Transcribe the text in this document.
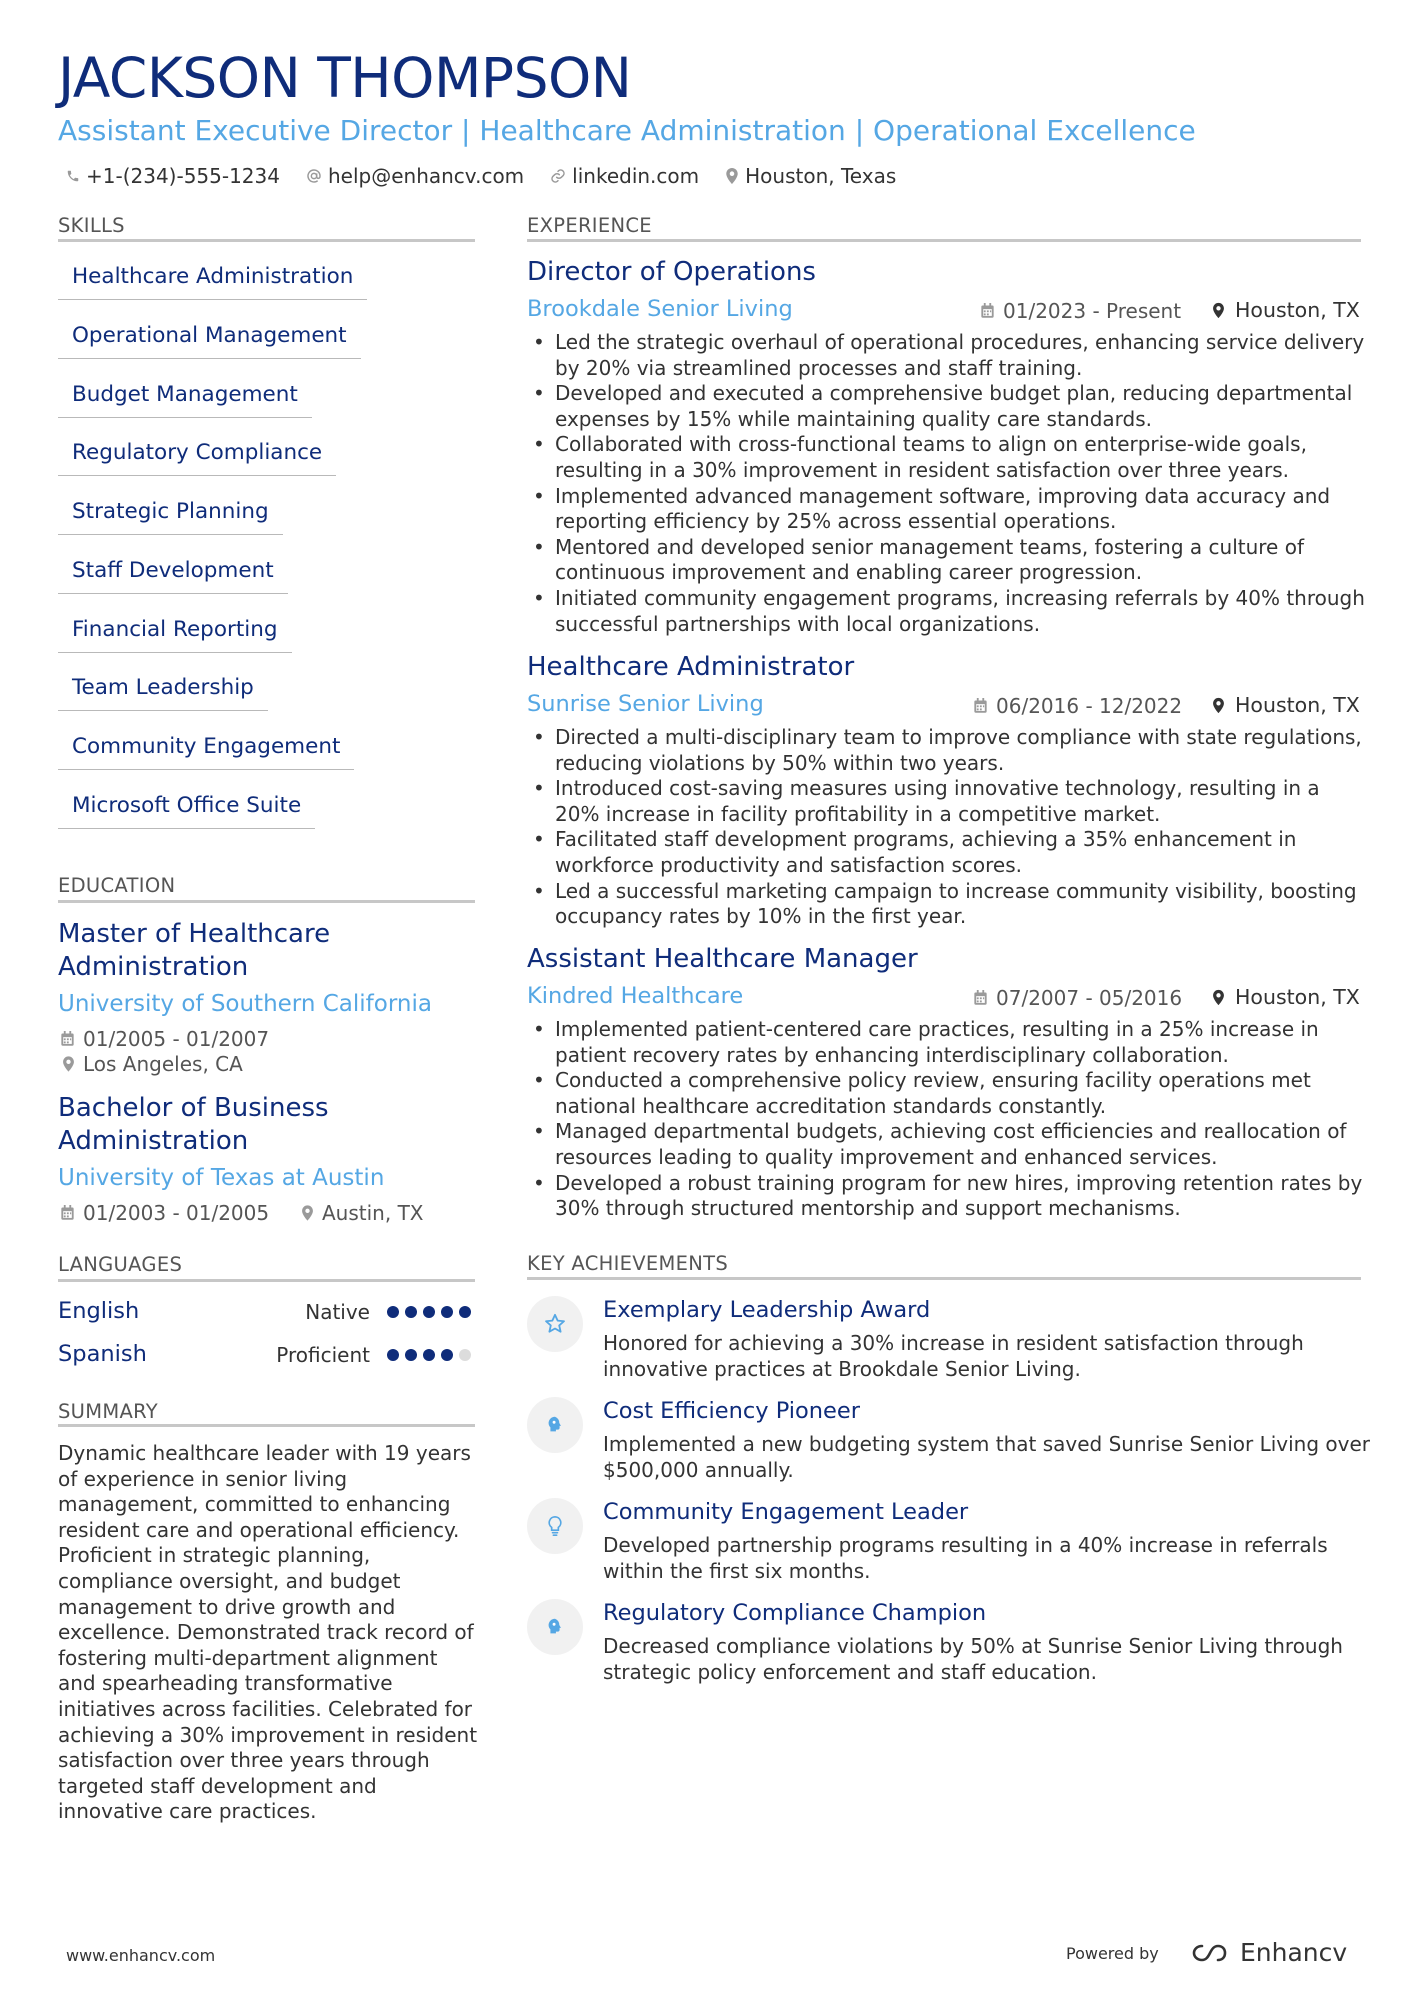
JACKSON THOMPSON
Assistant Executive Director | Healthcare Administration | Operational Excellence
+1-(234)-555-1234 help@enhancv.com linkedin.com Houston, Texas
SKILLS
Healthcare Administration
Operational Management
Budget Management
Regulatory Compliance
Strategic Planning
Staff Development
Financial Reporting
Team Leadership
Community Engagement
Microsoft Office Suite
EDUCATION
Master of Healthcare Administration
University of Southern California
01/2005 - 01/2007
Los Angeles, CA
Bachelor of Business Administration
University of Texas at Austin
01/2003 - 01/2005	Austin, TX
LANGUAGES
English	Native
Spanish	Proficient
SUMMARY
Dynamic healthcare leader with 19 years of experience in senior living management, committed to enhancing resident care and operational efficiency. Proficient in strategic planning, compliance oversight, and budget management to drive growth and excellence. Demonstrated track record of fostering multi-department alignment and spearheading transformative initiatives across facilities. Celebrated for achieving a 30% improvement in resident satisfaction over three years through targeted staff development and innovative care practices.
EXPERIENCE
Director of Operations
Brookdale Senior Living	01/2023 - Present	Houston, TX
• Led the strategic overhaul of operational procedures, enhancing service delivery by 20% via streamlined processes and staff training.
• Developed and executed a comprehensive budget plan, reducing departmental expenses by 15% while maintaining quality care standards.
• Collaborated with cross-functional teams to align on enterprise-wide goals, resulting in a 30% improvement in resident satisfaction over three years.
• Implemented advanced management software, improving data accuracy and reporting efficiency by 25% across essential operations.
• Mentored and developed senior management teams, fostering a culture of continuous improvement and enabling career progression.
• Initiated community engagement programs, increasing referrals by 40% through successful partnerships with local organizations.
Healthcare Administrator
Sunrise Senior Living	06/2016 - 12/2022	Houston, TX
• Directed a multi-disciplinary team to improve compliance with state regulations, reducing violations by 50% within two years.
• Introduced cost-saving measures using innovative technology, resulting in a 20% increase in facility profitability in a competitive market.
• Facilitated staff development programs, achieving a 35% enhancement in workforce productivity and satisfaction scores.
• Led a successful marketing campaign to increase community visibility, boosting occupancy rates by 10% in the first year.
Assistant Healthcare Manager
Kindred Healthcare	07/2007 - 05/2016	Houston, TX
• Implemented patient-centered care practices, resulting in a 25% increase in patient recovery rates by enhancing interdisciplinary collaboration.
• Conducted a comprehensive policy review, ensuring facility operations met national healthcare accreditation standards constantly.
• Managed departmental budgets, achieving cost efficiencies and reallocation of resources leading to quality improvement and enhanced services.
• Developed a robust training program for new hires, improving retention rates by 30% through structured mentorship and support mechanisms.
KEY ACHIEVEMENTS
Exemplary Leadership Award
Honored for achieving a 30% increase in resident satisfaction through innovative practices at Brookdale Senior Living.
Cost Efficiency Pioneer
Implemented a new budgeting system that saved Sunrise Senior Living over $500,000 annually.
Community Engagement Leader
Developed partnership programs resulting in a 40% increase in referrals within the first six months.
Regulatory Compliance Champion
Decreased compliance violations by 50% at Sunrise Senior Living through strategic policy enforcement and staff education.
www.enhancv.com	Powered by	Enhancv
